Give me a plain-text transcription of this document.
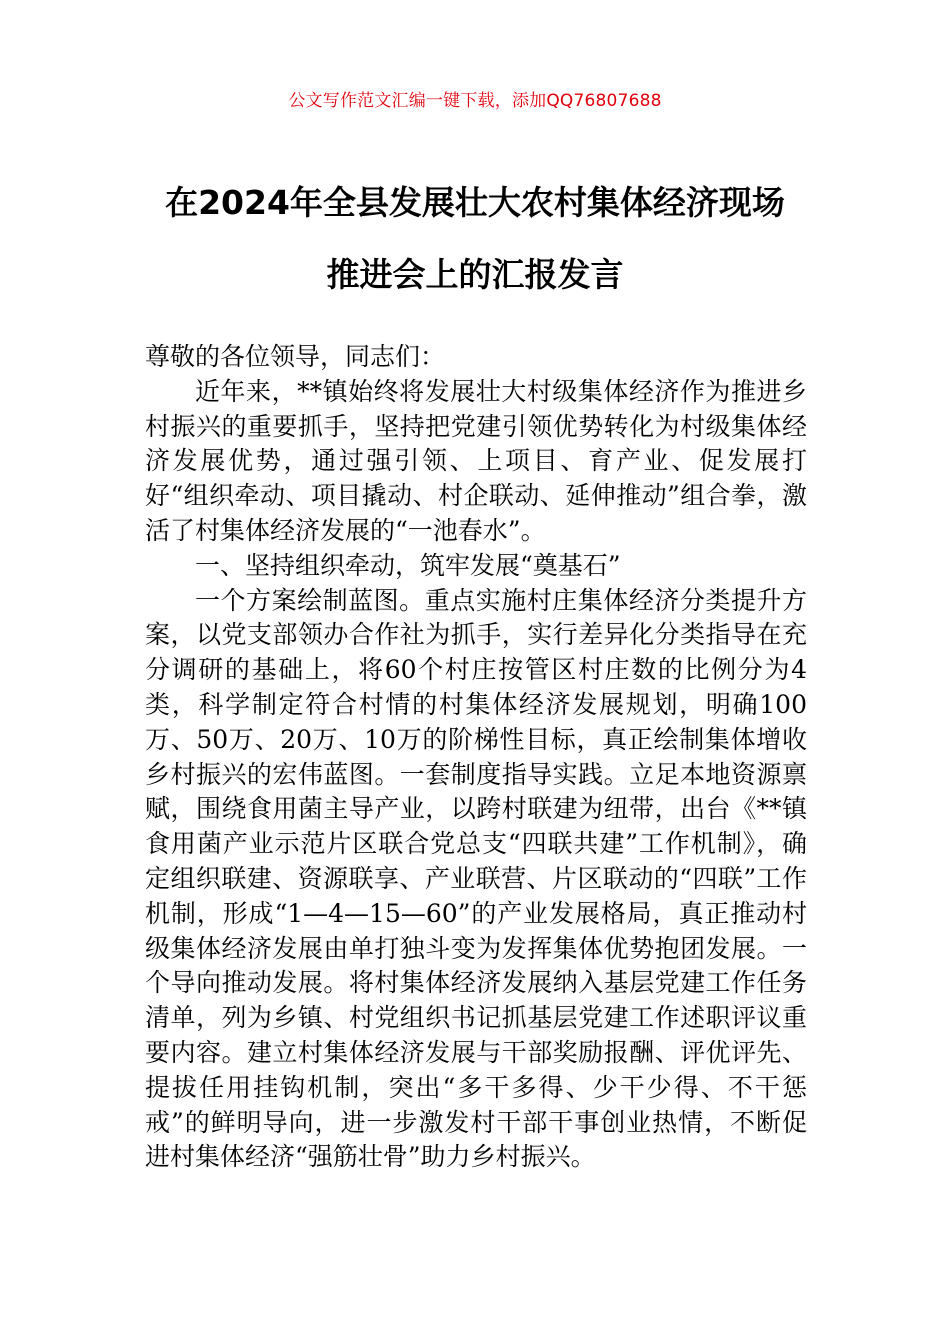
公文写作范文汇编一键下载，添加QQ76807688
在2024年全县发展壮大农村集体经济现场
推进会上的汇报发言

尊敬的各位领导，同志们：

近年来，**镇始终将发展壮大村级集体经济作为推进乡村振兴的重要抓手，坚持把党建引领优势转化为村级集体经济发展优势，通过强引领、上项目、育产业、促发展打好“组织牵动、项目撬动、村企联动、延伸推动”组合拳，激活了村集体经济发展的“一池春水”。

一、坚持组织牵动，筑牢发展“奠基石”

一个方案绘制蓝图。重点实施村庄集体经济分类提升方案，以党支部领办合作社为抓手，实行差异化分类指导在充分调研的基础上，将60个村庄按管区村庄数的比例分为4类，科学制定符合村情的村集体经济发展规划，明确100万、50万、20万、10万的阶梯性目标，真正绘制集体增收乡村振兴的宏伟蓝图。一套制度指导实践。立足本地资源禀赋，围绕食用菌主导产业，以跨村联建为纽带，出台《**镇食用菌产业示范片区联合党总支“四联共建”工作机制》，确定组织联建、资源联享、产业联营、片区联动的“四联”工作机制，形成“1—4—15—60”的产业发展格局，真正推动村级集体经济发展由单打独斗变为发挥集体优势抱团发展。一个导向推动发展。将村集体经济发展纳入基层党建工作任务清单，列为乡镇、村党组织书记抓基层党建工作述职评议重要内容。建立村集体经济发展与干部奖励报酬、评优评先、提拔任用挂钩机制，突出“多干多得、少干少得、不干惩戒”的鲜明导向，进一步激发村干部干事创业热情，不断促进村集体经济“强筋壮骨”助力乡村振兴。
